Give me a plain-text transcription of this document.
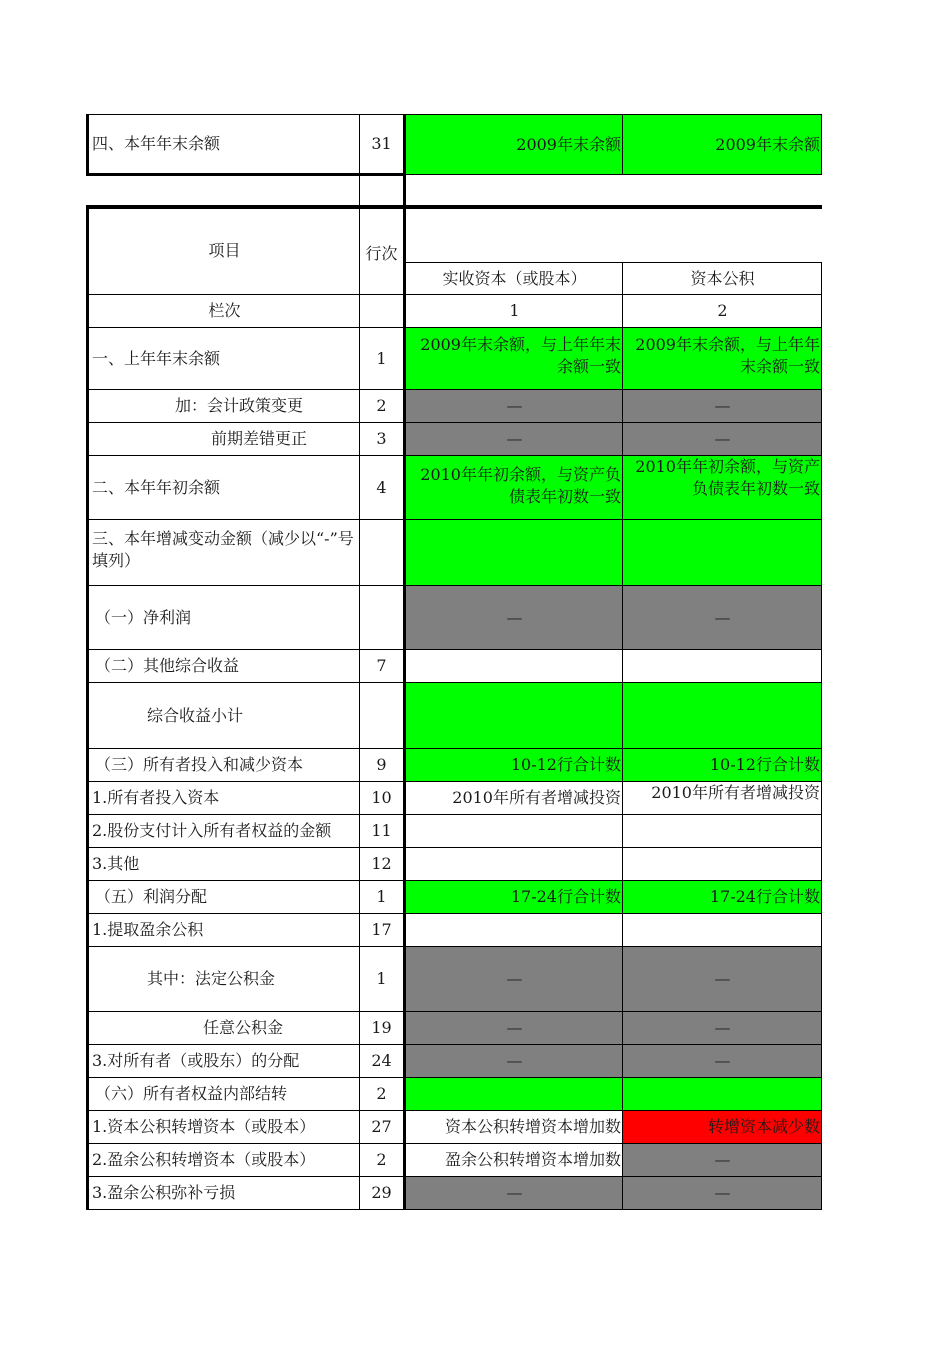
四、本年年末余额	31	2009年末余额	2009年末余额

项目	行次		
		实收资本（或股本）	资本公积
栏次		1	2
一、上年年末余额	1	2009年末余额，与上年年末余额一致	2009年末余额，与上年年末余额一致
加：会计政策变更	2	—	—
前期差错更正	3	—	—
二、本年年初余额	4	2010年年初余额，与资产负债表年初数一致	2010年年初余额，与资产负债表年初数一致
三、本年增减变动金额（减少以“-”号填列）			
（一）净利润		—	—
（二）其他综合收益	7		
综合收益小计			
（三）所有者投入和减少资本	9	10-12行合计数	10-12行合计数
1.所有者投入资本	10	2010年所有者增减投资	2010年所有者增减投资
2.股份支付计入所有者权益的金额	11		
3.其他	12		
（五）利润分配	1	17-24行合计数	17-24行合计数
1.提取盈余公积	17		
其中：法定公积金	1	—	—
任意公积金	19	—	—
3.对所有者（或股东）的分配	24	—	—
（六）所有者权益内部结转	2		
1.资本公积转增资本（或股本）	27	资本公积转增资本增加数	转增资本减少数
2.盈余公积转增资本（或股本）	2	盈余公积转增资本增加数	—
3.盈余公积弥补亏损	29	—	—
